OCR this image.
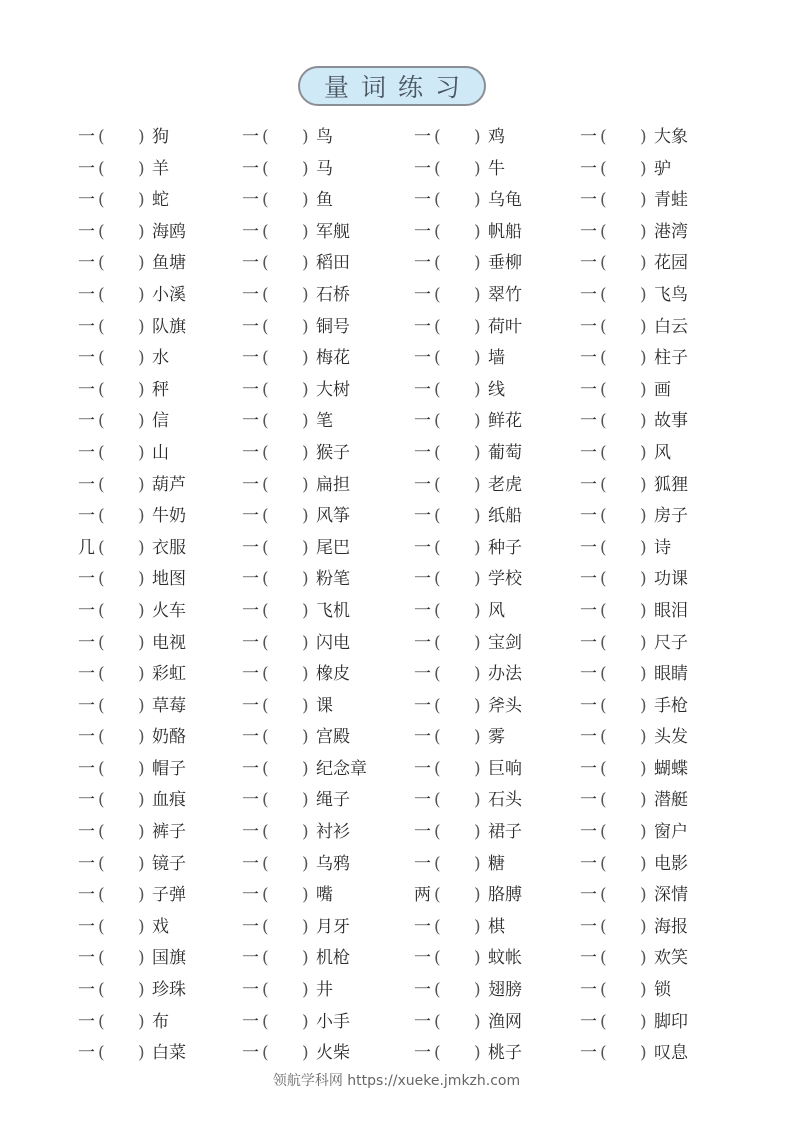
量词练习
一 ( ) 狗	一 ( ) 鸟	一 ( ) 鸡	一 ( ) 大象
一 ( ) 羊	一 ( ) 马	一 ( ) 牛	一 ( ) 驴
一 ( ) 蛇	一 ( ) 鱼	一 ( ) 乌龟	一 ( ) 青蛙
一 ( ) 海鸥	一 ( ) 军舰	一 ( ) 帆船	一 ( ) 港湾
一 ( ) 鱼塘	一 ( ) 稻田	一 ( ) 垂柳	一 ( ) 花园
一 ( ) 小溪	一 ( ) 石桥	一 ( ) 翠竹	一 ( ) 飞鸟
一 ( ) 队旗	一 ( ) 铜号	一 ( ) 荷叶	一 ( ) 白云
一 ( ) 水	一 ( ) 梅花	一 ( ) 墙	一 ( ) 柱子
一 ( ) 秤	一 ( ) 大树	一 ( ) 线	一 ( ) 画
一 ( ) 信	一 ( ) 笔	一 ( ) 鲜花	一 ( ) 故事
一 ( ) 山	一 ( ) 猴子	一 ( ) 葡萄	一 ( ) 风
一 ( ) 葫芦	一 ( ) 扁担	一 ( ) 老虎	一 ( ) 狐狸
一 ( ) 牛奶	一 ( ) 风筝	一 ( ) 纸船	一 ( ) 房子
几 ( ) 衣服	一 ( ) 尾巴	一 ( ) 种子	一 ( ) 诗
一 ( ) 地图	一 ( ) 粉笔	一 ( ) 学校	一 ( ) 功课
一 ( ) 火车	一 ( ) 飞机	一 ( ) 风	一 ( ) 眼泪
一 ( ) 电视	一 ( ) 闪电	一 ( ) 宝剑	一 ( ) 尺子
一 ( ) 彩虹	一 ( ) 橡皮	一 ( ) 办法	一 ( ) 眼睛
一 ( ) 草莓	一 ( ) 课	一 ( ) 斧头	一 ( ) 手枪
一 ( ) 奶酪	一 ( ) 宫殿	一 ( ) 雾	一 ( ) 头发
一 ( ) 帽子	一 ( ) 纪念章	一 ( ) 巨响	一 ( ) 蝴蝶
一 ( ) 血痕	一 ( ) 绳子	一 ( ) 石头	一 ( ) 潜艇
一 ( ) 裤子	一 ( ) 衬衫	一 ( ) 裙子	一 ( ) 窗户
一 ( ) 镜子	一 ( ) 乌鸦	一 ( ) 糖	一 ( ) 电影
一 ( ) 子弹	一 ( ) 嘴	两 ( ) 胳膊	一 ( ) 深情
一 ( ) 戏	一 ( ) 月牙	一 ( ) 棋	一 ( ) 海报
一 ( ) 国旗	一 ( ) 机枪	一 ( ) 蚊帐	一 ( ) 欢笑
一 ( ) 珍珠	一 ( ) 井	一 ( ) 翅膀	一 ( ) 锁
一 ( ) 布	一 ( ) 小手	一 ( ) 渔网	一 ( ) 脚印
一 ( ) 白菜	一 ( ) 火柴	一 ( ) 桃子	一 ( ) 叹息
领航学科网 https://xueke.jmkzh.com
